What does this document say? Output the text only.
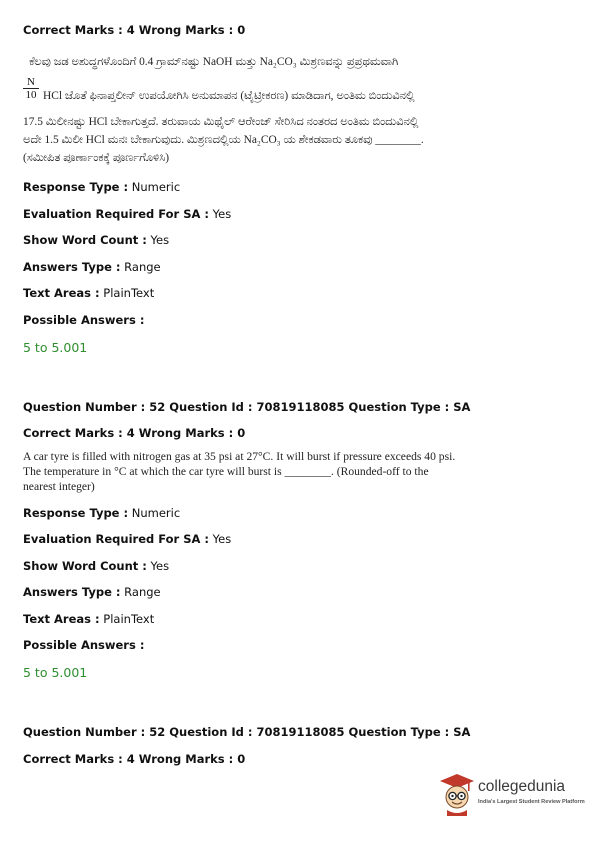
Correct Marks : 4 Wrong Marks : 0
ಕೆಲವು ಜಡ ಅಶುದ್ಧಗಳೊಂದಿಗೆ 0.4 ಗ್ರಾಮ್‌ನಷ್ಟು NaOH ಮತ್ತು Na₂CO₃ ಮಿಶ್ರಣವನ್ನು ಪ್ರಪ್ರಥಮವಾಗಿ
$\frac{N}{10}$ HCl ಜೊತೆ ಫಿನಾಪ್ತಲೀನ್ ಉಪಯೋಗಿಸಿ ಅನುಮಾಪನ (ಟೈಟ್ರೀಕರಣ) ಮಾಡಿದಾಗ, ಅಂತಿಮ ಬಿಂದುವಿನಲ್ಲಿ
17.5 ಮಿಲೀನಷ್ಟು HCl ಬೇಕಾಗುತ್ತದೆ. ತರುವಾಯ ಮಿಥೈಲ್ ಆರೇಂಜ್ ಸೇರಿಸಿದ ನಂತರದ ಅಂತಿಮ ಬಿಂದುವಿನಲ್ಲಿ
ಅದೇ 1.5 ಮಿಲೀ HCl ಮನಃ ಬೇಕಾಗುವುದು. ಮಿಶ್ರಣದಲ್ಲಿಯ Na₂CO₃ ಯ ಶೇಕಡವಾರು ತೂಕವು ________.
(ಸಮೀಪಿತ ಪೂರ್ಣಾಂಕಕ್ಕೆ ಪೂರ್ಣಗೊಳಿಸಿ)
Response Type : Numeric
Evaluation Required For SA : Yes
Show Word Count : Yes
Answers Type : Range
Text Areas : PlainText
Possible Answers :
5 to 5.001
Question Number : 52 Question Id : 70819118085 Question Type : SA
Correct Marks : 4 Wrong Marks : 0
A car tyre is filled with nitrogen gas at 35 psi at 27°C. It will burst if pressure exceeds 40 psi.
The temperature in °C at which the car tyre will burst is ________. (Rounded-off to the
nearest integer)
Response Type : Numeric
Evaluation Required For SA : Yes
Show Word Count : Yes
Answers Type : Range
Text Areas : PlainText
Possible Answers :
5 to 5.001
Question Number : 52 Question Id : 70819118085 Question Type : SA
Correct Marks : 4 Wrong Marks : 0
collegedunia
India's Largest Student Review Platform
